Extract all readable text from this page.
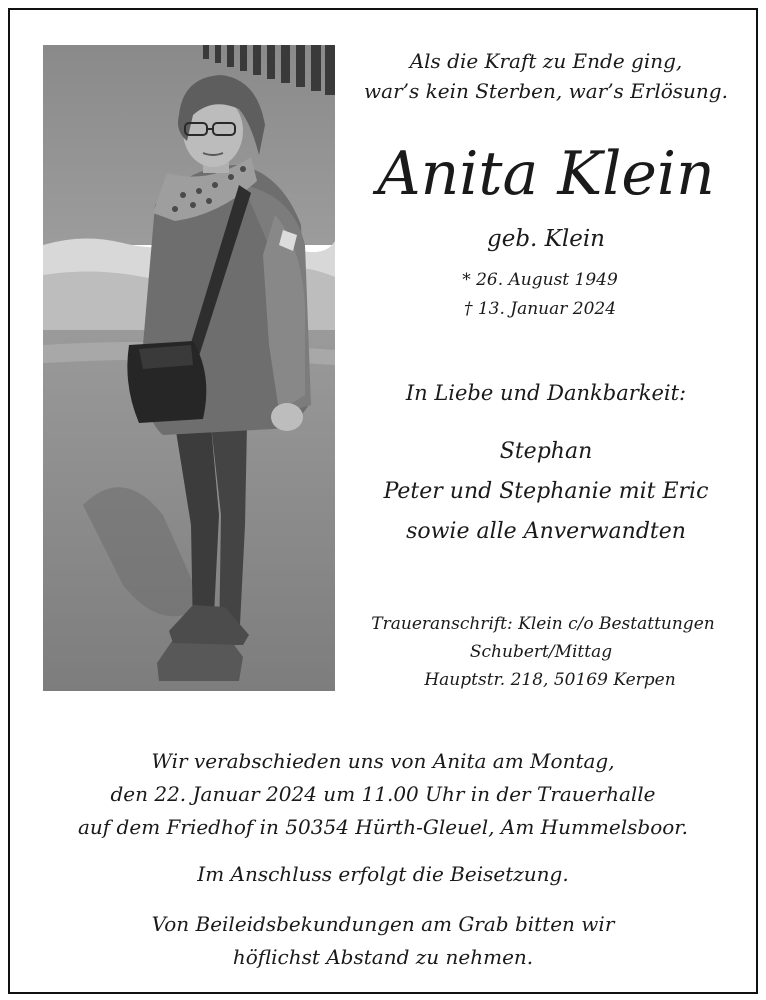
Als die Kraft zu Ende ging,
war’s kein Sterben, war’s Erlösung.
Anita Klein
geb. Klein
* 26. August 1949
† 13. Januar 2024
In Liebe und Dankbarkeit:
Stephan
Peter und Stephanie mit Eric
sowie alle Anverwandten
Traueranschrift: Klein c/o Bestattungen
Schubert/Mittag
Hauptstr. 218, 50169 Kerpen
Wir verabschieden uns von Anita am Montag,
den 22. Januar 2024 um 11.00 Uhr in der Trauerhalle
auf dem Friedhof in 50354 Hürth-Gleuel, Am Hummelsboor.
Im Anschluss erfolgt die Beisetzung.
Von Beileidsbekundungen am Grab bitten wir
höflichst Abstand zu nehmen.
